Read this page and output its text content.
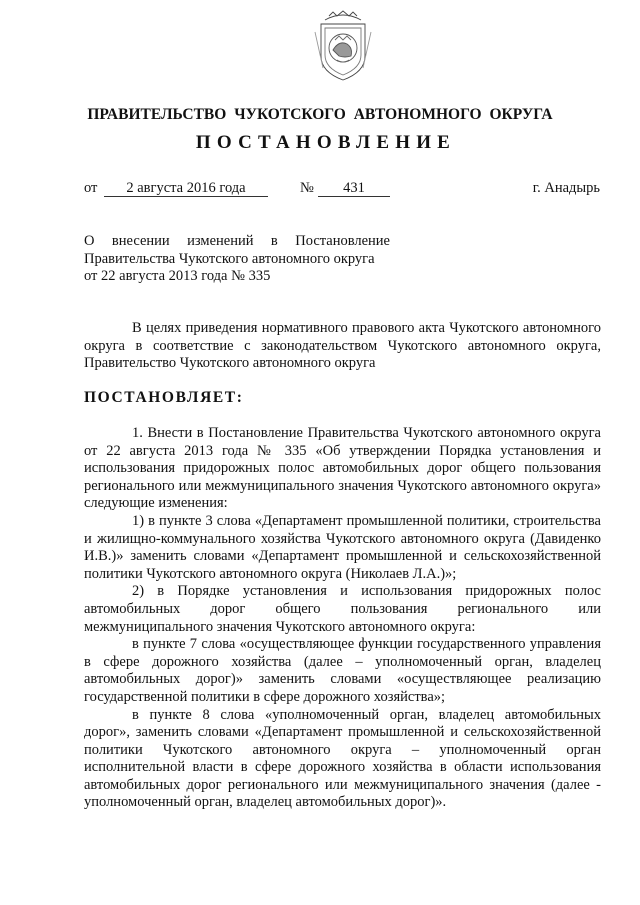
ПРАВИТЕЛЬСТВО ЧУКОТСКОГО АВТОНОМНОГО ОКРУГА
ПОСТАНОВЛЕНИЕ
от	2 августа 2016 года	№	431	г. Анадырь
О внесении изменений в Постановление
Правительства Чукотского автономного округа
от 22 августа 2013 года № 335
В целях приведения нормативного правового акта Чукотского автономного округа в соответствие с законодательством Чукотского автономного округа, Правительство Чукотского автономного округа
ПОСТАНОВЛЯЕТ:

1. Внести в Постановление Правительства Чукотского автономного округа от 22 августа 2013 года № 335 «Об утверждении Порядка установления и использования придорожных полос автомобильных дорог общего пользования регионального или межмуниципального значения Чукотского автономного округа» следующие изменения:

1) в пункте 3 слова «Департамент промышленной политики, строительства и жилищно-коммунального хозяйства Чукотского автономного округа (Давиденко И.В.)» заменить словами «Департамент промышленной и сельскохозяйственной политики Чукотского автономного округа (Николаев Л.А.)»;

2) в Порядке установления и использования придорожных полос автомобильных дорог общего пользования регионального или межмуниципального значения Чукотского автономного округа:

в пункте 7 слова «осуществляющее функции государственного управления в сфере дорожного хозяйства (далее – уполномоченный орган, владелец автомобильных дорог)» заменить словами «осуществляющее реализацию государственной политики в сфере дорожного хозяйства»;

в пункте 8 слова «уполномоченный орган, владелец автомобильных дорог», заменить словами «Департамент промышленной и сельскохозяйственной политики Чукотского автономного округа – уполномоченный орган исполнительной власти в сфере дорожного хозяйства в области использования автомобильных дорог регионального или межмуниципального значения (далее - уполномоченный орган, владелец автомобильных дорог)».
